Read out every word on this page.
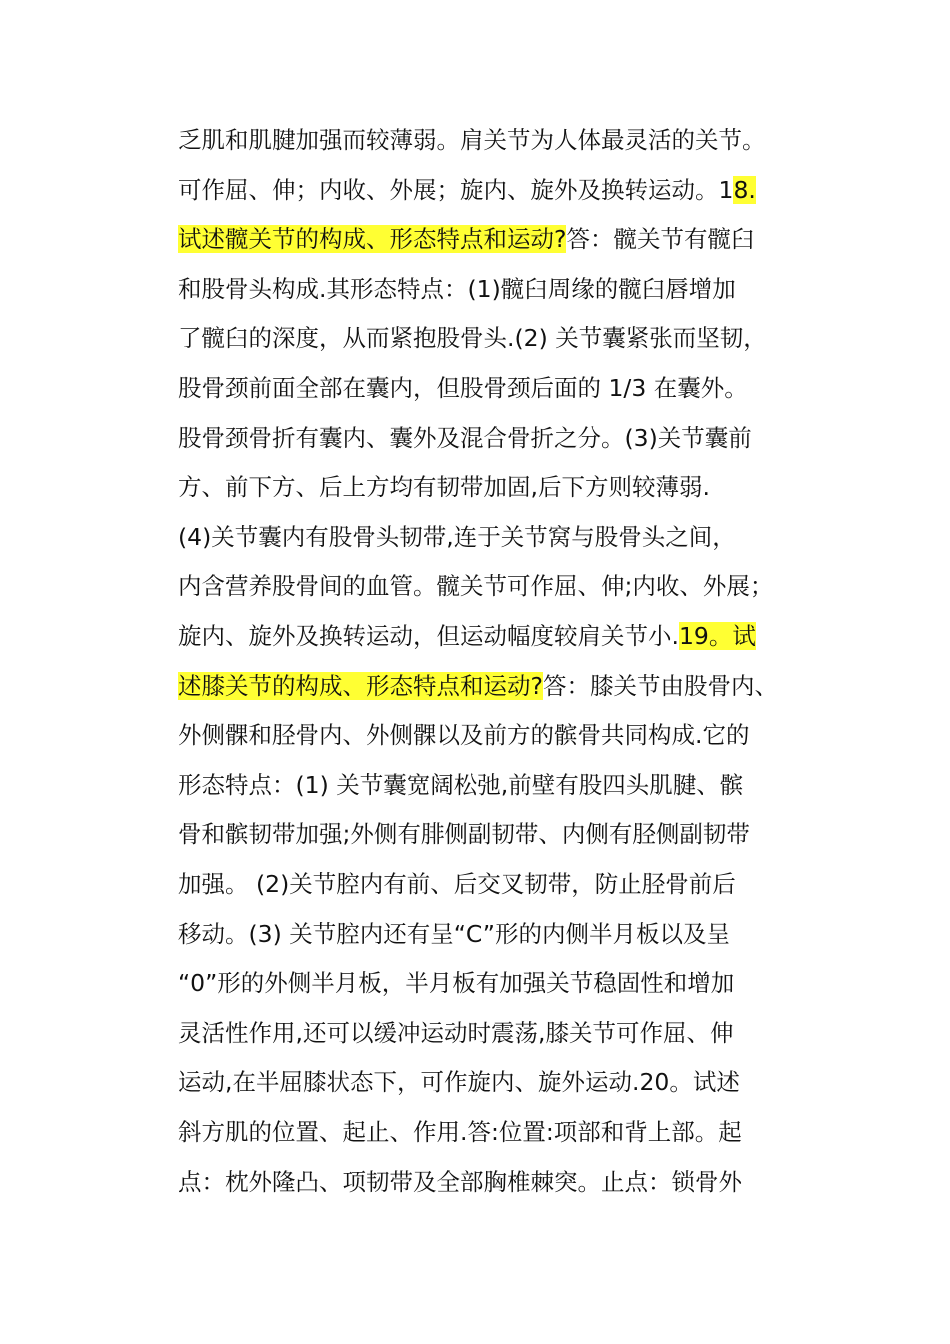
乏肌和肌腱加强而较薄弱。肩关节为人体最灵活的关节。
可作屈、伸；内收、外展；旋内、旋外及换转运动。18.
试述髋关节的构成、形态特点和运动?答：髋关节有髋臼
和股骨头构成.其形态特点：(1)髋臼周缘的髋臼唇增加
了髋臼的深度，从而紧抱股骨头.(2) 关节囊紧张而坚韧，
股骨颈前面全部在囊内，但股骨颈后面的 1/3 在囊外。
股骨颈骨折有囊内、囊外及混合骨折之分。(3)关节囊前
方、前下方、后上方均有韧带加固,后下方则较薄弱.
(4)关节囊内有股骨头韧带,连于关节窝与股骨头之间，
内含营养股骨间的血管。髋关节可作屈、伸;内收、外展；
旋内、旋外及换转运动，但运动幅度较肩关节小.19。试
述膝关节的构成、形态特点和运动?答：膝关节由股骨内、
外侧髁和胫骨内、外侧髁以及前方的髌骨共同构成.它的
形态特点：(1) 关节囊宽阔松弛,前壁有股四头肌腱、髌
骨和髌韧带加强;外侧有腓侧副韧带、内侧有胫侧副韧带
加强。 (2)关节腔内有前、后交叉韧带，防止胫骨前后
移动。(3) 关节腔内还有呈“C”形的内侧半月板以及呈
“0”形的外侧半月板，半月板有加强关节稳固性和增加
灵活性作用,还可以缓冲运动时震荡,膝关节可作屈、伸
运动,在半屈膝状态下，可作旋内、旋外运动.20。试述
斜方肌的位置、起止、作用.答:位置:项部和背上部。起
点：枕外隆凸、项韧带及全部胸椎棘突。止点：锁骨外
